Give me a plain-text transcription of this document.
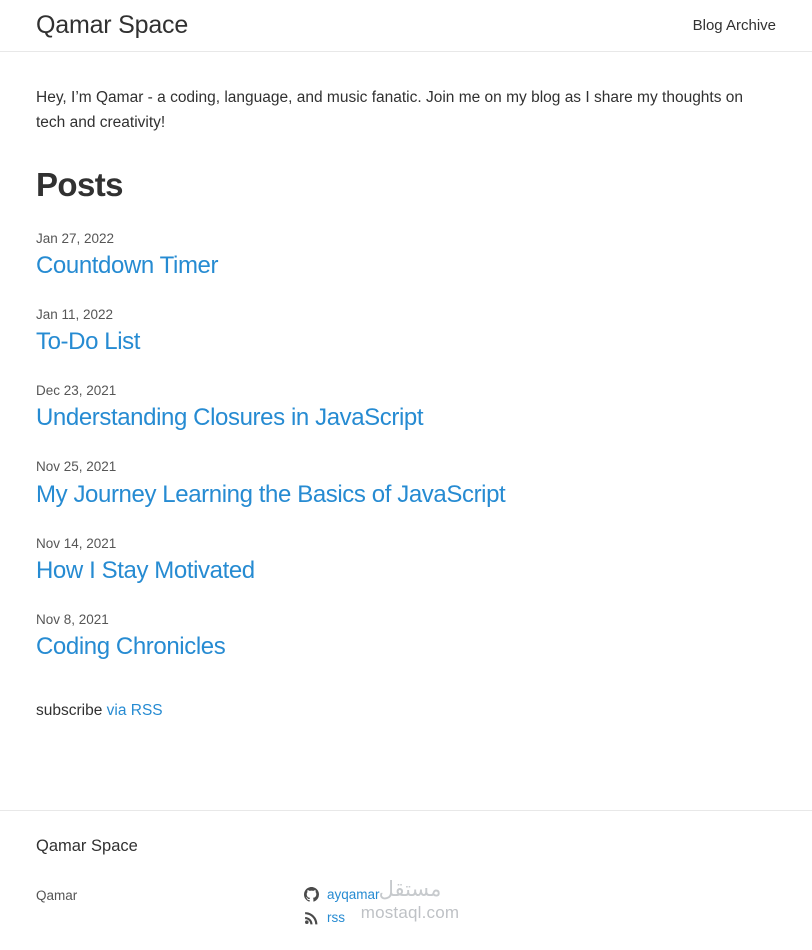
Qamar Space	Blog Archive

Hey, I’m Qamar - a coding, language, and music fanatic. Join me on my blog as I share my thoughts on tech and creativity!

Posts
Jan 27, 2022
Countdown Timer
Jan 11, 2022
To-Do List
Dec 23, 2021
Understanding Closures in JavaScript
Nov 25, 2021
My Journey Learning the Basics of JavaScript
Nov 14, 2021
How I Stay Motivated
Nov 8, 2021
Coding Chronicles

subscribe via RSS

Qamar Space
Qamar	ayqamar
rss
مستقل
mostaql.com
